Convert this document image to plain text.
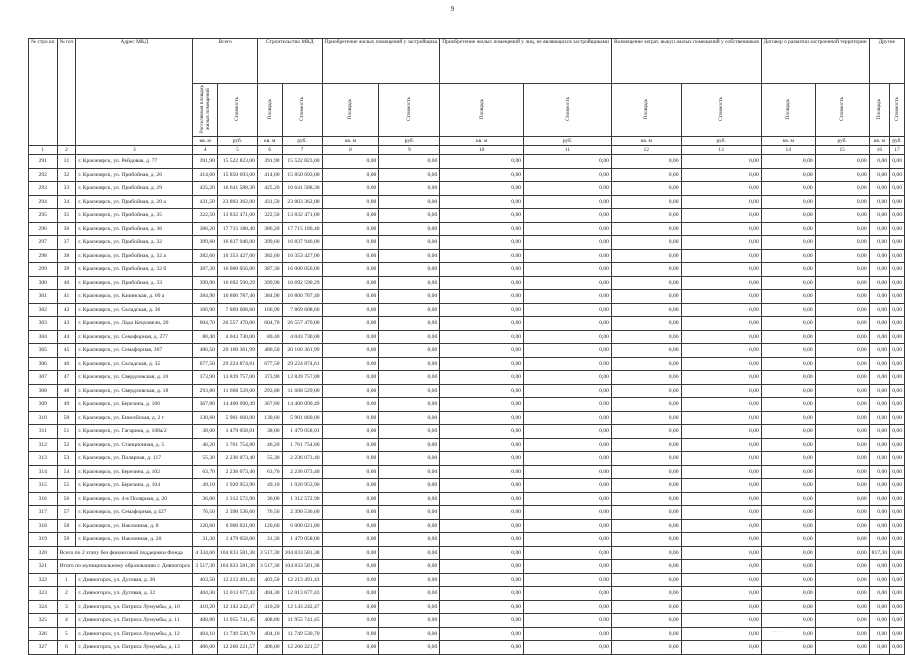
9
№ стро ки	№ п/п	Адрес МКД	Всего		Строительство МКД		Приобретение жилых помещений у застройщика		Приобретение жилых помещений у лиц, не являющихся застройщиками		Возмещение затрат, выкуп жилых помещений у собственников		Договор о развитии застроенной территории		Другие	
			Расселяемая площадь жилых помещений	Стоимость	Площадь	Стоимость	Площадь	Стоимость	Площадь	Стоимость	Площадь	Стоимость	Площадь	Стоимость	Площадь	Стоимость
			кв. м	руб.	кв. м	руб.	кв. м	руб.	кв. м	руб.	кв. м	руб.	кв. м	руб.	кв. м	руб.
1	2	3	4	5	6	7	8	9	10	11	12	13	14	15	16	17
291	31	г. Красноярск, ул. Рейдовая, д. 77	391,90	15 522 823,00	391,90	15 522 823,00	0,00	0,00	0,00	0,00	0,00	0,00	0,00	0,00	0,00	0,00
292	32	г. Красноярск, ул. Прибойная, д. 26	414,60	15 850 693,00	414,60	15 850 693,00	0,00	0,00	0,00	0,00	0,00	0,00	0,00	0,00	0,00	0,00
293	33	г. Красноярск, ул. Прибойная, д. 29	425,20	16 641 588,30	425,20	16 641 588,30	0,00	0,00	0,00	0,00	0,00	0,00	0,00	0,00	0,00	0,00
294	34	г. Красноярск, ул. Прибойная, д. 20 а	431,50	23 803 362,00	431,50	23 803 362,00	0,00	0,00	0,00	0,00	0,00	0,00	0,00	0,00	0,00	0,00
295	35	г. Красноярск, ул. Прибойная, д. 35	322,50	13 832 471,00	322,50	13 832 471,00	0,00	0,00	0,00	0,00	0,00	0,00	0,00	0,00	0,00	0,00
296	36	г. Красноярск, ул. Прибойная, д. 36	386,20	17 715 180,40	386,20	17 715 180,40	0,00	0,00	0,00	0,00	0,00	0,00	0,00	0,00	0,00	0,00
297	37	г. Красноярск, ул. Прибойная, д. 32	399,60	16 837 946,00	399,60	16 837 946,00	0,00	0,00	0,00	0,00	0,00	0,00	0,00	0,00	0,00	0,00
298	38	г. Красноярск, ул. Прибойная, д. 32 а	382,60	16 353 427,00	382,60	16 353 427,00	0,00	0,00	0,00	0,00	0,00	0,00	0,00	0,00	0,00	0,00
299	39	г. Красноярск, ул. Прибойная, д. 32 б	387,30	16 000 056,00	387,30	16 000 056,00	0,00	0,00	0,00	0,00	0,00	0,00	0,00	0,00	0,00	0,00
300	40	г. Красноярск, ул. Прибойная, д. 33	399,90	16 692 590,29	399,90	16 692 590,29	0,00	0,00	0,00	0,00	0,00	0,00	0,00	0,00	0,00	0,00
301	41	г. Красноярск, ул. Качинская, д. 60 а	384,90	16 800 787,40	384,90	16 800 787,40	0,00	0,00	0,00	0,00	0,00	0,00	0,00	0,00	0,00	0,00
302	42	г. Красноярск, ул. Складская, д. 36	166,90	7 869 608,60	166,90	7 869 608,60	0,00	0,00	0,00	0,00	0,00	0,00	0,00	0,00	0,00	0,00
303	43	г. Красноярск, ул. Ладо Кецховели, 20	604,70	26 557 470,00	604,70	26 557 470,00	0,00	0,00	0,00	0,00	0,00	0,00	0,00	0,00	0,00	0,00
304	44	г. Красноярск, ул. Семафорная, д. 277	80,40	4 043 730,00	80,40	4 043 730,00	0,00	0,00	0,00	0,00	0,00	0,00	0,00	0,00	0,00	0,00
305	45	г. Красноярск, ул. Семафорная, 367	486,50	20 160 361,99	486,50	20 160 361,99	0,00	0,00	0,00	0,00	0,00	0,00	0,00	0,00	0,00	0,00
306	46	г. Красноярск, ул. Складская, д. 35	677,50	29 224 874,61	677,50	29 224 874,61	0,00	0,00	0,00	0,00	0,00	0,00	0,00	0,00	0,00	0,00
307	47	г. Красноярск, ул. Свердловская, д. 16	373,90	13 839 757,00	373,90	13 839 757,00	0,00	0,00	0,00	0,00	0,00	0,00	0,00	0,00	0,00	0,00
308	48	г. Красноярск, ул. Свердловская, д. 18	293,80	11 668 529,00	293,80	11 668 529,00	0,00	0,00	0,00	0,00	0,00	0,00	0,00	0,00	0,00	0,00
309	49	г. Красноярск, ул. Березина, д. 106	367,80	14 400 090,49	367,80	14 400 090,49	0,00	0,00	0,00	0,00	0,00	0,00	0,00	0,00	0,00	0,00
310	50	г. Красноярск, ул. Енисейская, д. 2 г	130,60	5 901 660,00	130,60	5 901 660,00	0,00	0,00	0,00	0,00	0,00	0,00	0,00	0,00	0,00	0,00
311	51	г. Красноярск, ул. Гагарина, д. 108а/2	38,00	1 479 058,01	38,00	1 479 058,01	0,00	0,00	0,00	0,00	0,00	0,00	0,00	0,00	0,00	0,00
312	52	г. Красноярск, ул. Станционная, д. 5	46,20	1 761 754,80	46,20	1 761 754,80	0,00	0,00	0,00	0,00	0,00	0,00	0,00	0,00	0,00	0,00
313	53	г. Красноярск, ул. Полярная, д. 117	55,30	2 236 073,40	55,30	2 236 073,40	0,00	0,00	0,00	0,00	0,00	0,00	0,00	0,00	0,00	0,00
314	54	г. Красноярск, ул. Березина, д. 102	63,70	2 236 073,40	63,70	2 236 073,40	0,00	0,00	0,00	0,00	0,00	0,00	0,00	0,00	0,00	0,00
315	55	г. Красноярск, ул. Березина, д. 104	49,10	1 920 953,90	49,10	1 920 953,90	0,00	0,00	0,00	0,00	0,00	0,00	0,00	0,00	0,00	0,00
316	56	г. Красноярск, ул. 4-я Полярная, д. 20	36,00	1 312 572,90	36,00	1 312 572,90	0,00	0,00	0,00	0,00	0,00	0,00	0,00	0,00	0,00	0,00
317	57	г. Красноярск, ул. Семафорная, д 427	76,50	2 390 536,60	76,50	2 390 536,60	0,00	0,00	0,00	0,00	0,00	0,00	0,00	0,00	0,00	0,00
318	58	г. Красноярск, ул. Наклонная, д. 8	120,60	6 000 021,00	120,60	6 000 021,00	0,00	0,00	0,00	0,00	0,00	0,00	0,00	0,00	0,00	0,00
319	59	г. Красноярск, ул. Наклонная, д. 20	31,30	1 479 058,00	31,30	1 479 058,00	0,00	0,00	0,00	0,00	0,00	0,00	0,00	0,00	0,00	0,00
320	Всего по 2 этапу без финансовой поддержки Фонда		4 334,60	104 833 581,38	3 517,30	104 833 581,38	0,00	0,00	0,00	0,00	0,00	0,00	0,00	0,00	817,30	0,00
321	Итого по муниципальному образованию г. Дивногорск		3 517,30	104 833 581,38	3 517,30	104 833 581,38	0,00	0,00	0,00	0,00	0,00	0,00	0,00	0,00	0,00	0,00
322	1	г. Дивногорск, ул. Дуговая, д. 30	403,50	12 213 491,43	403,50	12 213 491,43	0,00	0,00	0,00	0,00	0,00	0,00	0,00	0,00	0,00	0,00
323	2	г. Дивногорск, ул. Дуговая, д. 32	404,30	12 013 677,43	404,30	12 013 677,43	0,00	0,00	0,00	0,00	0,00	0,00	0,00	0,00	0,00	0,00
324	3	г. Дивногорск, ул. Патриса Лумумбы, д. 10	410,20	12 143 242,47	410,20	12 143 242,47	0,00	0,00	0,00	0,00	0,00	0,00	0,00	0,00	0,00	0,00
325	4	г. Дивногорск, ул. Патриса Лумумбы, д. 11	408,80	11 955 741,45	408,80	11 955 741,45	0,00	0,00	0,00	0,00	0,00	0,00	0,00	0,00	0,00	0,00
326	5	г. Дивногорск, ул. Патриса Лумумбы, д. 12	404,10	11 749 530,70	404,10	11 749 530,70	0,00	0,00	0,00	0,00	0,00	0,00	0,00	0,00	0,00	0,00
327	6	г. Дивногорск, ул. Патриса Лумумбы, д. 13	406,00	12 260 221,57	406,00	12 260 221,57	0,00	0,00	0,00	0,00	0,00	0,00	0,00	0,00	0,00	0,00
· · · ·
